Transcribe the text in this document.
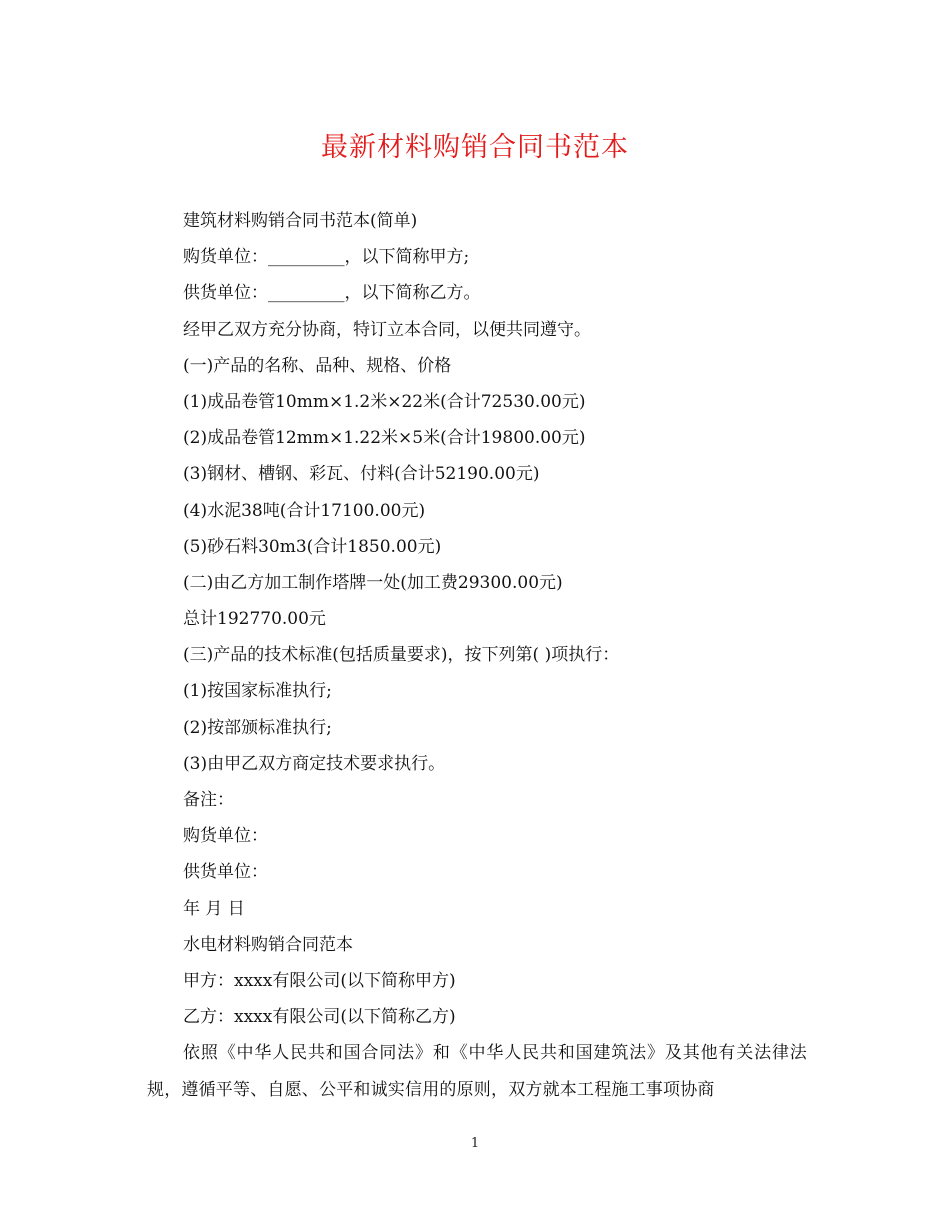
最新材料购销合同书范本
建筑材料购销合同书范本(简单)
购货单位：_________，以下简称甲方;
供货单位：_________，以下简称乙方。
经甲乙双方充分协商，特订立本合同，以便共同遵守。
(一)产品的名称、品种、规格、价格
(1)成品卷管10mm×1.2米×22米(合计72530.00元)
(2)成品卷管12mm×1.22米×5米(合计19800.00元)
(3)钢材、槽钢、彩瓦、付料(合计52190.00元)
(4)水泥38吨(合计17100.00元)
(5)砂石料30m3(合计1850.00元)
(二)由乙方加工制作塔牌一处(加工费29300.00元)
总计192770.00元
(三)产品的技术标准(包括质量要求)，按下列第( )项执行：
(1)按国家标准执行;
(2)按部颁标准执行;
(3)由甲乙双方商定技术要求执行。
备注：
购货单位：
供货单位：
年 月 日
水电材料购销合同范本
甲方：xxxx有限公司(以下简称甲方)
乙方：xxxx有限公司(以下简称乙方)
依照《中华人民共和国合同法》和《中华人民共和国建筑法》及其他有关法律法规，遵循平等、自愿、公平和诚实信用的原则，双方就本工程施工事项协商
1
